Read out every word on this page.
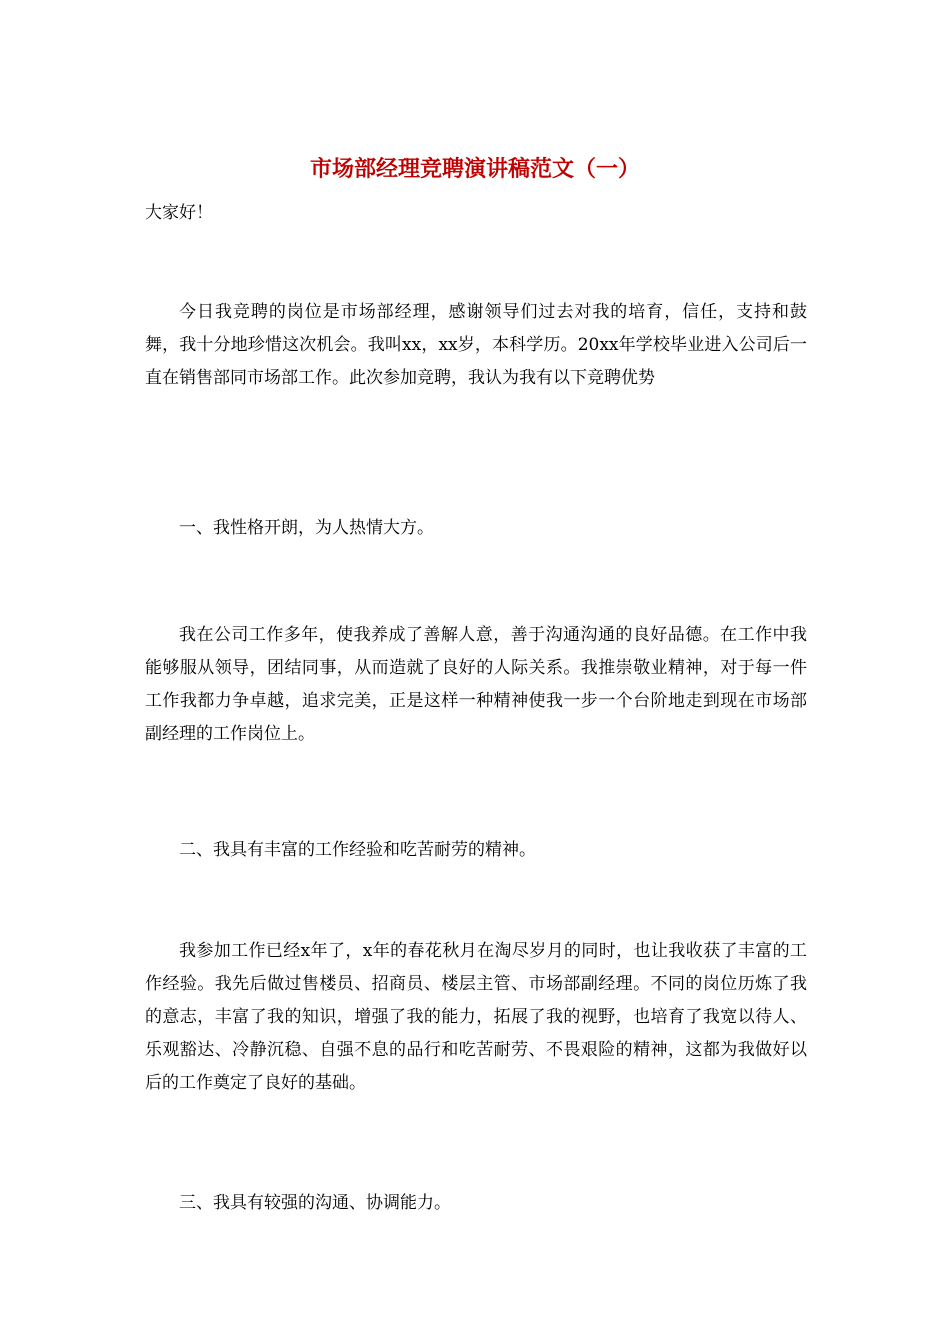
市场部经理竞聘演讲稿范文（一）
大家好！

今日我竞聘的岗位是市场部经理，感谢领导们过去对我的培育，信任，支持和鼓舞，我十分地珍惜这次机会。我叫xx，xx岁，本科学历。20xx年学校毕业进入公司后一直在销售部同市场部工作。此次参加竞聘，我认为我有以下竞聘优势

一、我性格开朗，为人热情大方。

我在公司工作多年，使我养成了善解人意，善于沟通沟通的良好品德。在工作中我能够服从领导，团结同事，从而造就了良好的人际关系。我推崇敬业精神，对于每一件工作我都力争卓越，追求完美，正是这样一种精神使我一步一个台阶地走到现在市场部副经理的工作岗位上。

二、我具有丰富的工作经验和吃苦耐劳的精神。

我参加工作已经x年了，x年的春花秋月在淘尽岁月的同时，也让我收获了丰富的工作经验。我先后做过售楼员、招商员、楼层主管、市场部副经理。不同的岗位历炼了我的意志，丰富了我的知识，增强了我的能力，拓展了我的视野，也培育了我宽以待人、乐观豁达、冷静沉稳、自强不息的品行和吃苦耐劳、不畏艰险的精神，这都为我做好以后的工作奠定了良好的基础。

三、我具有较强的沟通、协调能力。
